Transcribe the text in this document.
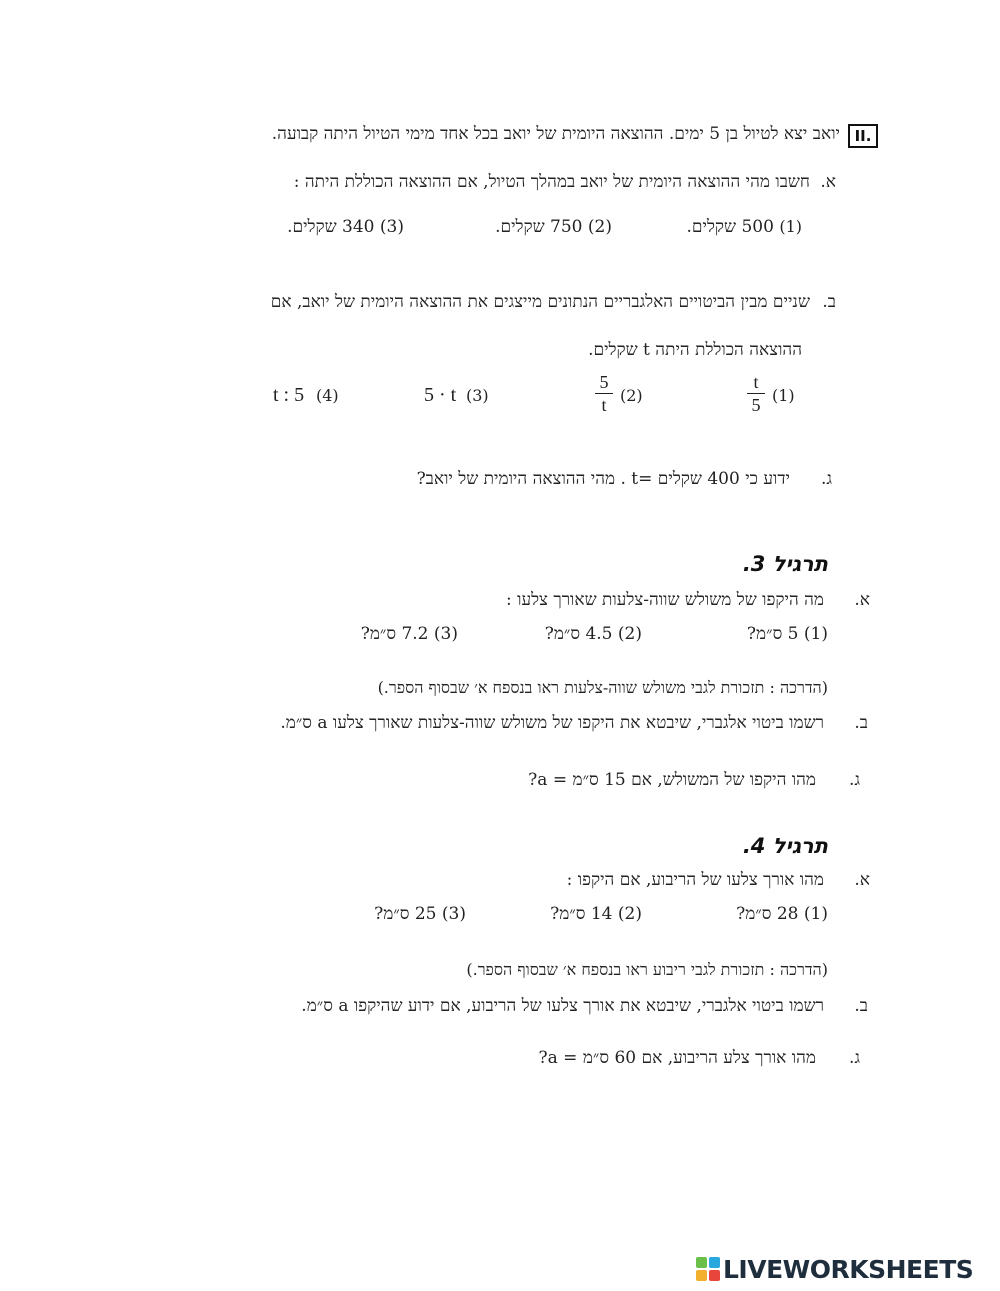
II.
יואב יצא לטיול בן 5 ימים. ההוצאה היומית של יואב בכל אחד מימי הטיול היתה קבועה.
א.
חשבו מהי ההוצאה היומית של יואב במהלך הטיול, אם ההוצאה הכוללת היתה :
(1) 500 שקלים.
(2) 750 שקלים.
(3) 340 שקלים.
ב.
שניים מבין הביטויים האלגבריים הנתונים מייצגים את ההוצאה היומית של יואב, אם
ההוצאה הכוללת היתה t שקלים.
(1)
t
5
(2)
5
t
(3)
5 · t
(4)
t : 5
ג.
ידוע כי 400 שקלים =t . מהי ההוצאה היומית של יואב?
תרגיל 3.
א.
מה היקפו של משולש שווה-צלעות שאורך צלעו :
(1) 5 ס״מ?
(2) 4.5 ס״מ?
(3) 7.2 ס״מ?
(הדרכה : תזכורת לגבי משולש שווה-צלעות ראו בנספח א׳ שבסוף הספר.)
ב.
רשמו ביטוי אלגברי, שיבטא את היקפו של משולש שווה-צלעות שאורך צלעו a ס״מ.
ג.
מהו היקפו של המשולש, אם 15 ס״מ = a?
תרגיל 4.
א.
מהו אורך צלעו של הריבוע, אם היקפו :
(1) 28 ס״מ?
(2) 14 ס״מ?
(3) 25 ס״מ?
(הדרכה : תזכורת לגבי ריבוע ראו בנספח א׳ שבסוף הספר.)
ב.
רשמו ביטוי אלגברי, שיבטא את אורך צלעו של הריבוע, אם ידוע שהיקפו a ס״מ.
ג.
מהו אורך צלע הריבוע, אם 60 ס״מ = a?
LIVEWORKSHEETS
